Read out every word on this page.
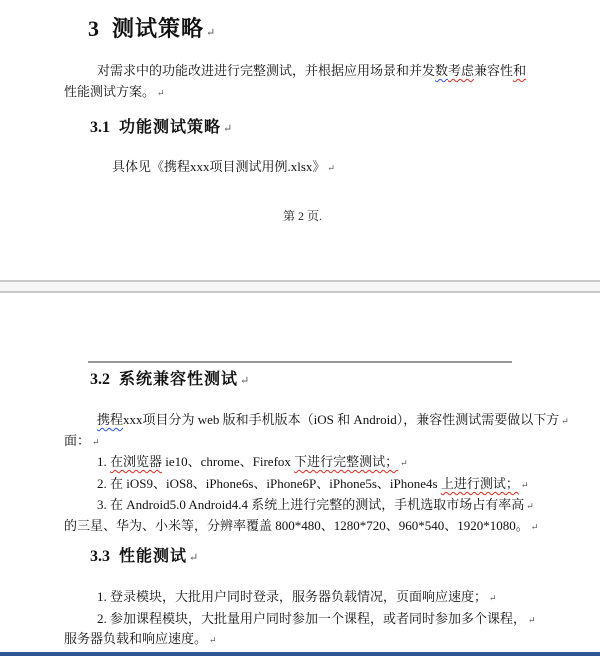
3 测试策略 ↵
对需求中的功能改进进行完整测试，并根据应用场景和并发数考虑兼容性和
性能测试方案。 ↵
3.1 功能测试策略 ↵
具体见《携程xxx项目测试用例.xlsx》 ↵
第 2 页.
3.2 系统兼容性测试 ↵
携程xxx项目分为 web 版和手机版本（iOS 和 Android），兼容性测试需要做以下方 ↵
面： ↵
1. 在浏览器 ie10、chrome、Firefox 下进行完整测试； ↵
2. 在 iOS9、iOS8、iPhone6s、iPhone6P、iPhone5s、iPhone4s 上进行测试； ↵
3. 在 Android5.0 Android4.4 系统上进行完整的测试，手机选取市场占有率高 ↵
的三星、华为、小米等，分辨率覆盖 800*480、1280*720、960*540、1920*1080。 ↵
3.3 性能测试 ↵
1. 登录模块，大批用户同时登录，服务器负载情况，页面响应速度； ↵
2. 参加课程模块，大批量用户同时参加一个课程，或者同时参加多个课程， ↵
服务器负载和响应速度。 ↵
